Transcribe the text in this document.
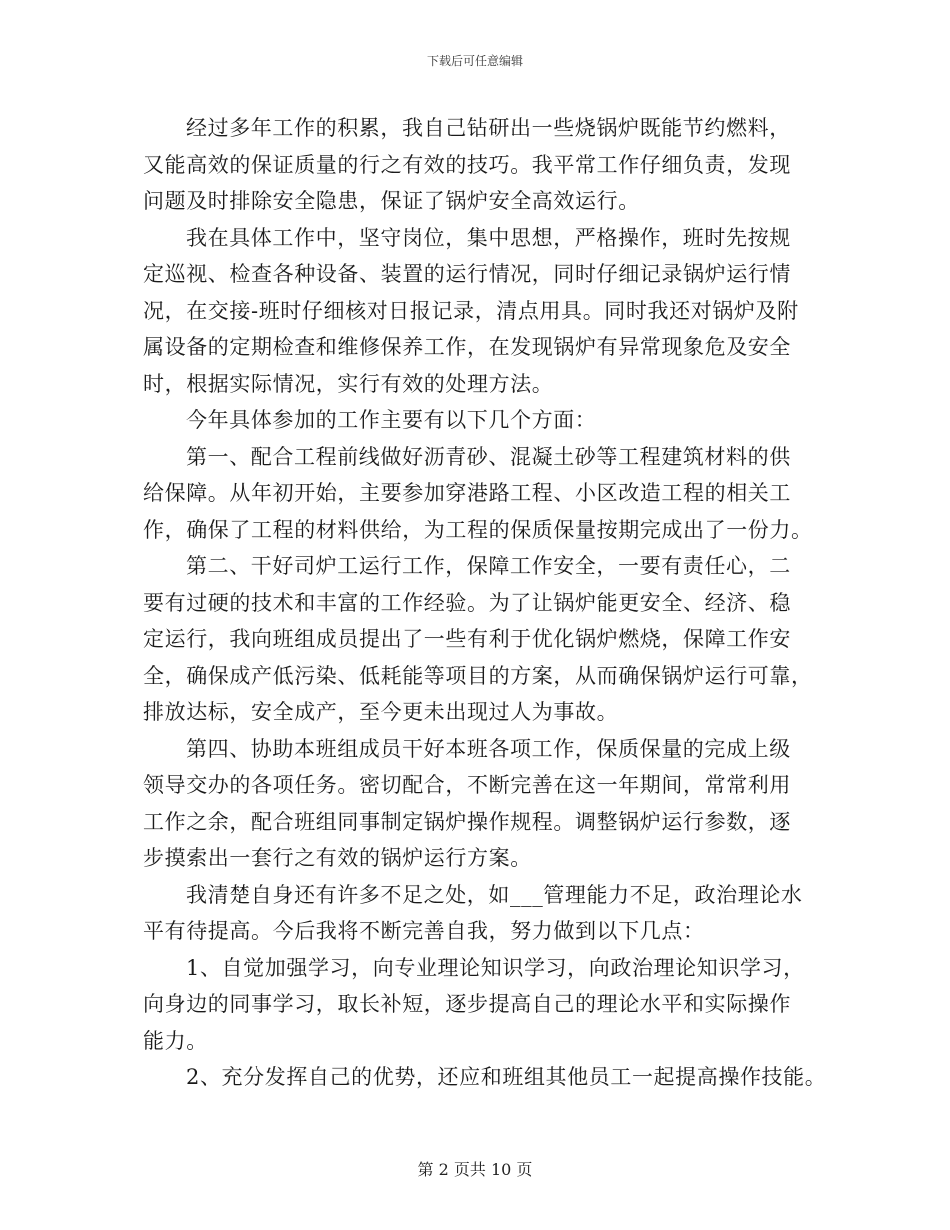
下载后可任意编辑
经过多年工作的积累，我自己钻研出一些烧锅炉既能节约燃料，
又能高效的保证质量的行之有效的技巧。我平常工作仔细负责，发现
问题及时排除安全隐患，保证了锅炉安全高效运行。
我在具体工作中，坚守岗位，集中思想，严格操作，班时先按规
定巡视、检查各种设备、装置的运行情况，同时仔细记录锅炉运行情
况，在交接-班时仔细核对日报记录，清点用具。同时我还对锅炉及附
属设备的定期检查和维修保养工作，在发现锅炉有异常现象危及安全
时，根据实际情况，实行有效的处理方法。
今年具体参加的工作主要有以下几个方面：
第一、配合工程前线做好沥青砂、混凝土砂等工程建筑材料的供
给保障。从年初开始，主要参加穿港路工程、小区改造工程的相关工
作，确保了工程的材料供给，为工程的保质保量按期完成出了一份力。
第二、干好司炉工运行工作，保障工作安全，一要有责任心，二
要有过硬的技术和丰富的工作经验。为了让锅炉能更安全、经济、稳
定运行，我向班组成员提出了一些有利于优化锅炉燃烧，保障工作安
全，确保成产低污染、低耗能等项目的方案，从而确保锅炉运行可靠，
排放达标，安全成产，至今更未出现过人为事故。
第四、协助本班组成员干好本班各项工作，保质保量的完成上级
领导交办的各项任务。密切配合，不断完善在这一年期间，常常利用
工作之余，配合班组同事制定锅炉操作规程。调整锅炉运行参数，逐
步摸索出一套行之有效的锅炉运行方案。
我清楚自身还有许多不足之处，如___管理能力不足，政治理论水
平有待提高。今后我将不断完善自我，努力做到以下几点：
1、自觉加强学习，向专业理论知识学习，向政治理论知识学习，
向身边的同事学习，取长补短，逐步提高自己的理论水平和实际操作
能力。
2、充分发挥自己的优势，还应和班组其他员工一起提高操作技能。
第 2 页共 10 页
